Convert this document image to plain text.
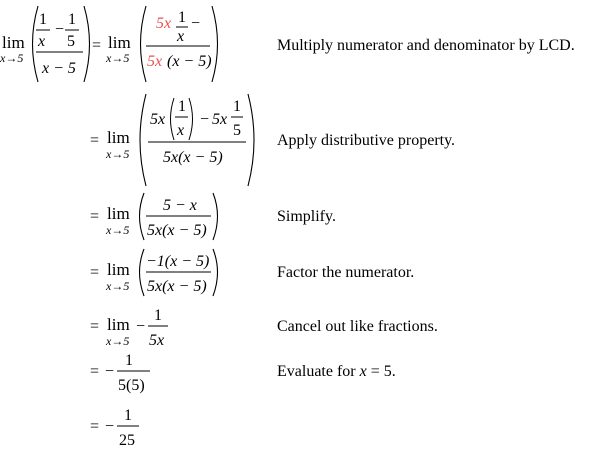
lim
x→5
1
x
−
1
5
x − 5
= lim
x→5
5x 1
x
−
5x (x − 5)
Multiply numerator and denominator by LCD.
= lim
x→5
5x
1
x
− 5x
1
5
5x(x − 5)
Apply distributive property.
= lim
x→5
5 − x
5x(x − 5)
Simplify.
= lim
x→5
−1(x − 5)
5x(x − 5)
Factor the numerator.
= lim
x→5
−
1
5x
Cancel out like fractions.
= −
1
5(5)
Evaluate for x = 5.
= −
1
25
